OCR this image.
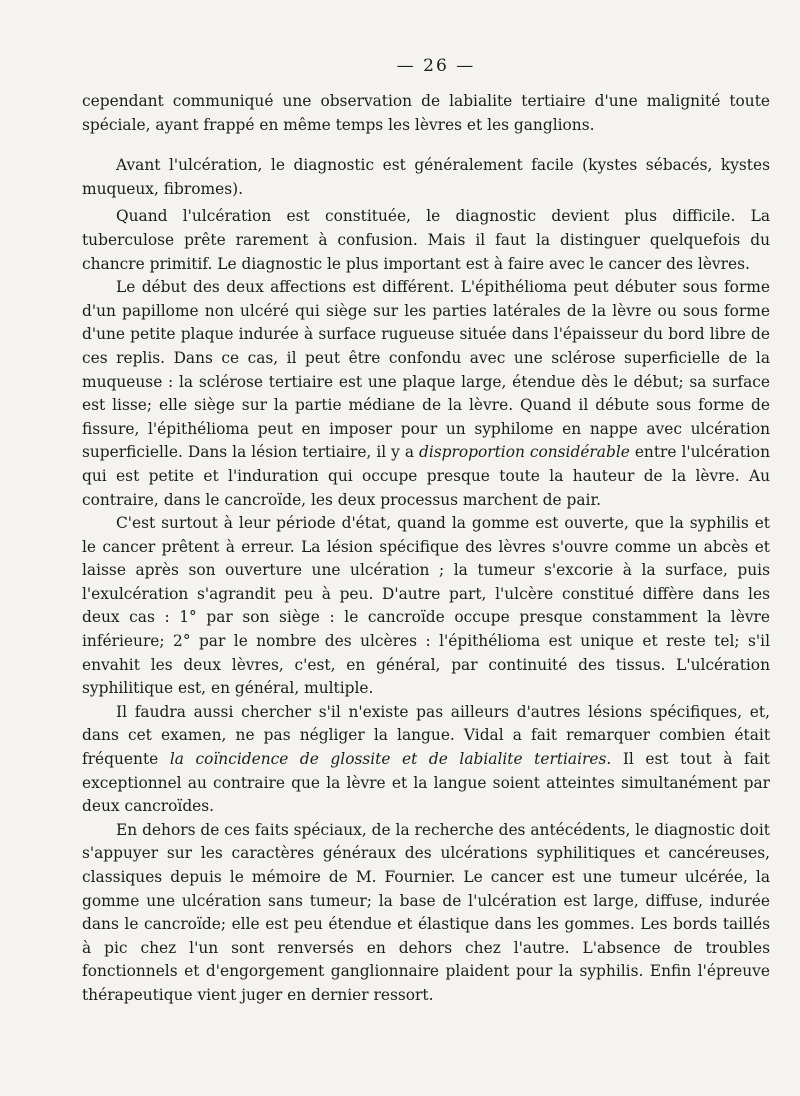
— 26 —

cependant communiqué une observation de labialite tertiaire d'une malignité toute spéciale, ayant frappé en même temps les lèvres et les ganglions.

Avant l'ulcération, le diagnostic est généralement facile (kystes sébacés, kystes muqueux, fibromes).

Quand l'ulcération est constituée, le diagnostic devient plus difficile. La tuberculose prête rarement à confusion. Mais il faut la distinguer quelquefois du chancre primitif. Le diagnostic le plus important est à faire avec le cancer des lèvres.

Le début des deux affections est différent. L'épithélioma peut débuter sous forme d'un papillome non ulcéré qui siège sur les parties latérales de la lèvre ou sous forme d'une petite plaque indurée à surface rugueuse située dans l'épaisseur du bord libre de ces replis. Dans ce cas, il peut être confondu avec une sclérose superficielle de la muqueuse : la sclérose tertiaire est une plaque large, étendue dès le début; sa surface est lisse; elle siège sur la partie médiane de la lèvre. Quand il débute sous forme de fissure, l'épithélioma peut en imposer pour un syphilome en nappe avec ulcération superficielle. Dans la lésion tertiaire, il y a disproportion considérable entre l'ulcération qui est petite et l'induration qui occupe presque toute la hauteur de la lèvre. Au contraire, dans le cancroïde, les deux processus marchent de pair.

C'est surtout à leur période d'état, quand la gomme est ouverte, que la syphilis et le cancer prêtent à erreur. La lésion spécifique des lèvres s'ouvre comme un abcès et laisse après son ouverture une ulcération ; la tumeur s'excorie à la surface, puis l'exulcération s'agrandit peu à peu. D'autre part, l'ulcère constitué diffère dans les deux cas : 1° par son siège : le cancroïde occupe presque constamment la lèvre inférieure; 2° par le nombre des ulcères : l'épithélioma est unique et reste tel; s'il envahit les deux lèvres, c'est, en général, par continuité des tissus. L'ulcération syphilitique est, en général, multiple.

Il faudra aussi chercher s'il n'existe pas ailleurs d'autres lésions spécifiques, et, dans cet examen, ne pas négliger la langue. Vidal a fait remarquer combien était fréquente la coïncidence de glossite et de labialite tertiaires. Il est tout à fait exceptionnel au contraire que la lèvre et la langue soient atteintes simultanément par deux cancroïdes.

En dehors de ces faits spéciaux, de la recherche des antécédents, le diagnostic doit s'appuyer sur les caractères généraux des ulcérations syphilitiques et cancéreuses, classiques depuis le mémoire de M. Fournier. Le cancer est une tumeur ulcérée, la gomme une ulcération sans tumeur; la base de l'ulcération est large, diffuse, indurée dans le cancroïde; elle est peu étendue et élastique dans les gommes. Les bords taillés à pic chez l'un sont renversés en dehors chez l'autre. L'absence de troubles fonctionnels et d'engorgement ganglionnaire plaident pour la syphilis. Enfin l'épreuve thérapeutique vient juger en dernier ressort.
